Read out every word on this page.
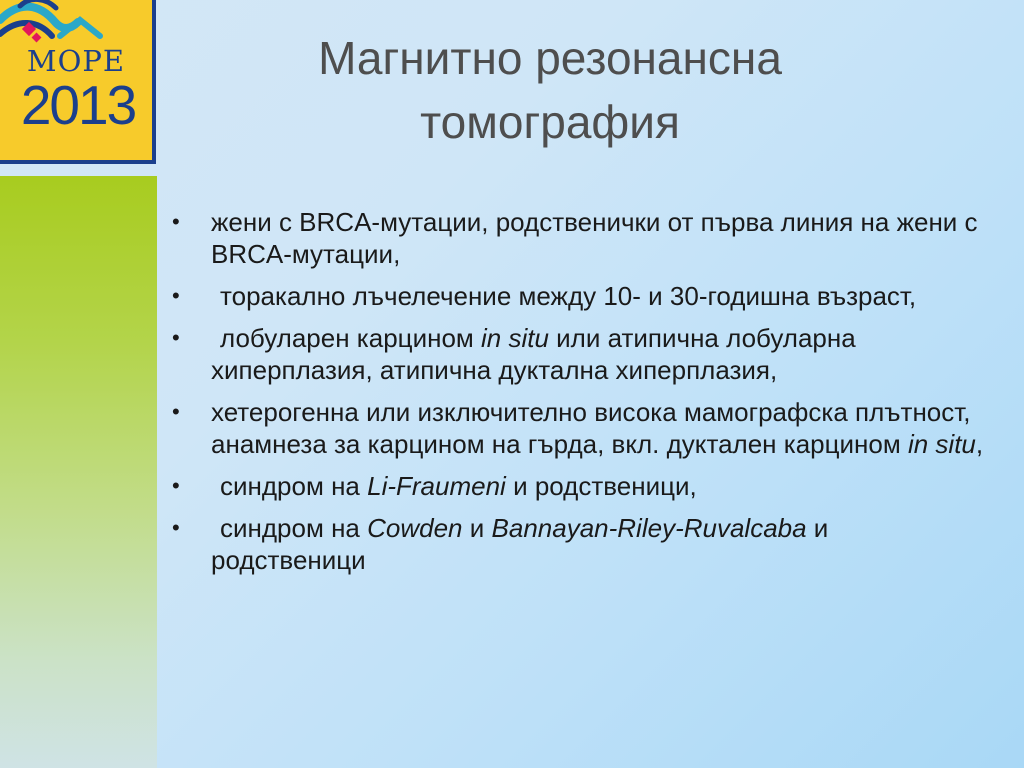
МОРЕ
2013
Магнитно резонансна
томография
• жени с BRCA-мутации, родственички от първа линия на жени с BRCA-мутации,
• торакално лъчелечение между 10- и 30-годишна възраст,
• лобуларен карцином in situ или атипична лобуларна хиперплазия, атипична дуктална хиперплазия,
• хетерогенна или изключително висока мамографска плътност, анамнеза за карцином на гърда, вкл. дуктален карцином in situ,
• синдром на Li-Fraumeni и родственици,
• синдром на Cowden и Bannayan-Riley-Ruvalcaba и родственици
